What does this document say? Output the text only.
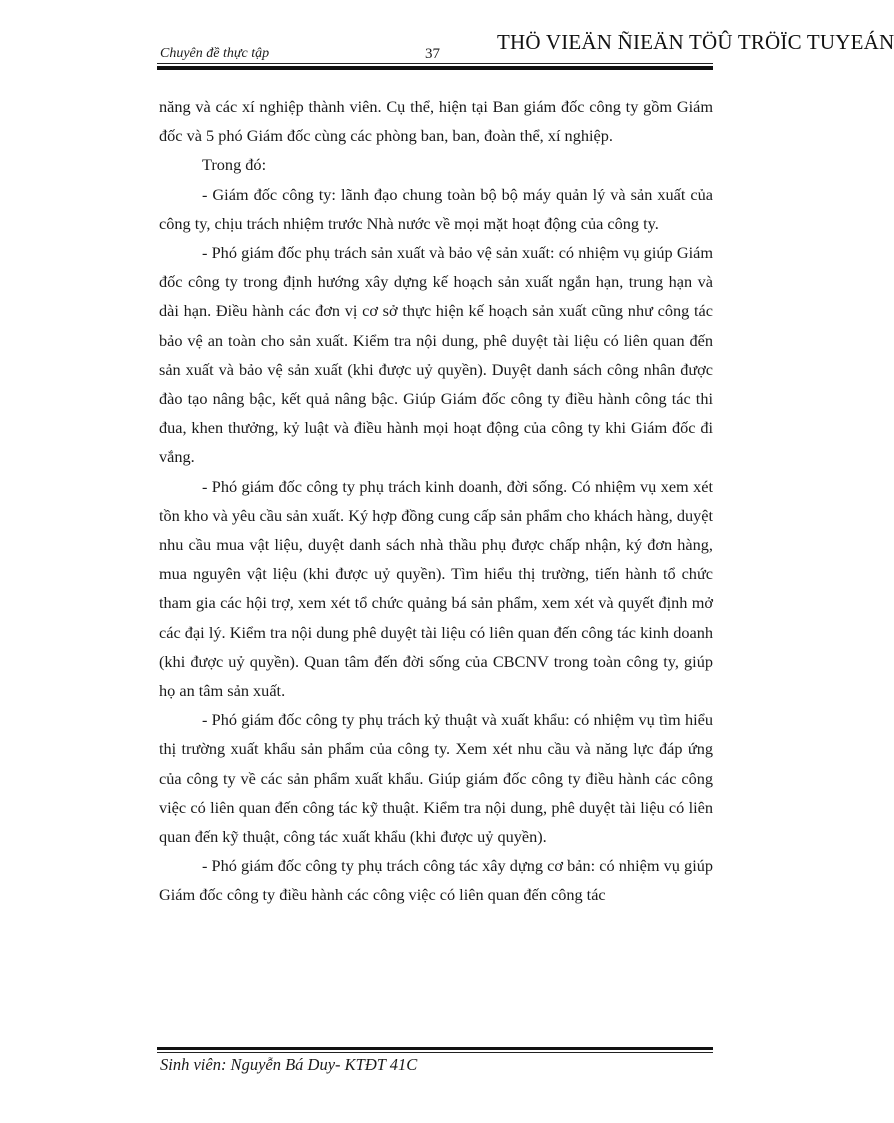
Chuyên đề thực tập	37	THÖ VIEÄN ÑIEÄN TÖÛ TRÖÏC TUYEÁN

năng và các xí nghiệp thành viên. Cụ thể, hiện tại Ban giám đốc công ty gồm Giám đốc và 5 phó Giám đốc cùng các phòng ban, ban, đoàn thể, xí nghiệp.

Trong đó:

- Giám đốc công ty: lãnh đạo chung toàn bộ bộ máy quản lý và sản xuất của công ty, chịu trách nhiệm trước Nhà nước về mọi mặt hoạt động của công ty.

- Phó giám đốc phụ trách sản xuất và bảo vệ sản xuất: có nhiệm vụ giúp Giám đốc công ty trong định hướng xây dựng kế hoạch sản xuất ngắn hạn, trung hạn và dài hạn. Điều hành các đơn vị cơ sở thực hiện kế hoạch sản xuất cũng như công tác bảo vệ an toàn cho sản xuất. Kiểm tra nội dung, phê duyệt tài liệu có liên quan đến sản xuất và bảo vệ sản xuất (khi được uỷ quyền). Duyệt danh sách công nhân được đào tạo nâng bậc, kết quả nâng bậc. Giúp Giám đốc công ty điều hành công tác thi đua, khen thưởng, kỷ luật và điều hành mọi hoạt động của công ty khi Giám đốc đi vắng.

- Phó giám đốc công ty phụ trách kinh doanh, đời sống. Có nhiệm vụ xem xét tồn kho và yêu cầu sản xuất. Ký hợp đồng cung cấp sản phẩm cho khách hàng, duyệt nhu cầu mua vật liệu, duyệt danh sách nhà thầu phụ được chấp nhận, ký đơn hàng, mua nguyên vật liệu (khi được uỷ quyền). Tìm hiểu thị trường, tiến hành tổ chức tham gia các hội trợ, xem xét tổ chức quảng bá sản phẩm, xem xét và quyết định mở các đại lý. Kiểm tra nội dung phê duyệt tài liệu có liên quan đến công tác kinh doanh (khi được uỷ quyền). Quan tâm đến đời sống của CBCNV trong toàn công ty, giúp họ an tâm sản xuất.

- Phó giám đốc công ty phụ trách kỷ thuật và xuất khẩu: có nhiệm vụ tìm hiểu thị trường xuất khẩu sản phẩm của công ty. Xem xét nhu cầu và năng lực đáp ứng của công ty về các sản phẩm xuất khẩu. Giúp giám đốc công ty điều hành các công việc có liên quan đến công tác kỹ thuật. Kiểm tra nội dung, phê duyệt tài liệu có liên quan đến kỹ thuật, công tác xuất khẩu (khi được uỷ quyền).

- Phó giám đốc công ty phụ trách công tác xây dựng cơ bản: có nhiệm vụ giúp Giám đốc công ty điều hành các công việc có liên quan đến công tác

Sinh viên: Nguyễn Bá Duy- KTĐT 41C
